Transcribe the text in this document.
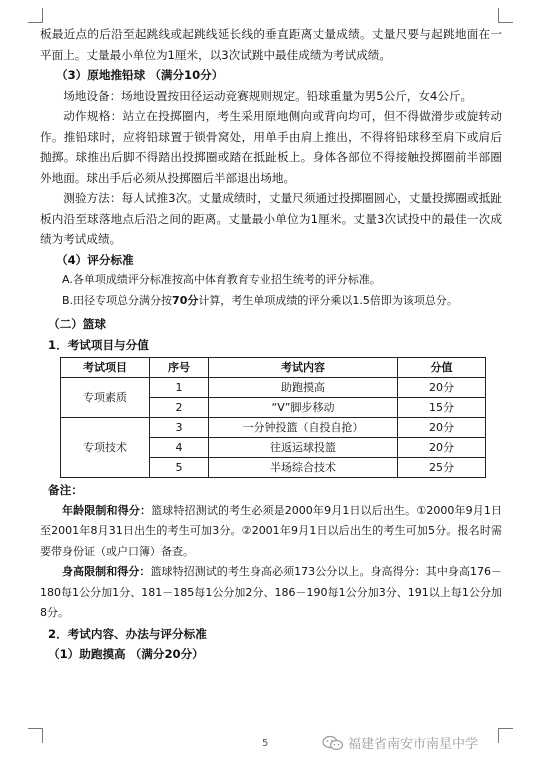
板最近点的后沿至起跳线或起跳线延长线的垂直距离丈量成绩。丈量尺要与起跳地面在一平面上。丈量最小单位为1厘米，以3次试跳中最佳成绩为考试成绩。

（3）原地推铅球 （满分10分）

场地设备：场地设置按田径运动竞赛规则规定。铅球重量为男5公斤，女4公斤。

动作规格：站立在投掷圈内，考生采用原地侧向或背向均可，但不得做滑步或旋转动作。推铅球时，应将铅球置于锁骨窝处，用单手由肩上推出，不得将铅球移至肩下或肩后抛掷。球推出后脚不得踏出投掷圈或踏在抵趾板上。身体各部位不得接触投掷圈前半部圈外地面。球出手后必须从投掷圈后半部退出场地。

测验方法：每人试推3次。丈量成绩时，丈量尺须通过投掷圈圆心，丈量投掷圈或抵趾板内沿至球落地点后沿之间的距离。丈量最小单位为1厘米。丈量3次试投中的最佳一次成绩为考试成绩。

（4）评分标准

A.各单项成绩评分标准按高中体育教育专业招生统考的评分标准。

B.田径专项总分满分按70分计算，考生单项成绩的评分乘以1.5倍即为该项总分。

（二）篮球

1．考试项目与分值

考试项目	序号	考试内容	分值
专项素质	1	助跑摸高	20分
	2	“V”脚步移动	15分
专项技术	3	一分钟投篮（自投自抢）	20分
	4	往返运球投篮	20分
	5	半场综合技术	25分

备注：

年龄限制和得分：篮球特招测试的考生必须是2000年9月1日以后出生。①2000年9月1日至2001年8月31日出生的考生可加3分。②2001年9月1日以后出生的考生可加5分。报名时需要带身份证（或户口簿）备查。

身高限制和得分：篮球特招测试的考生身高必须173公分以上。身高得分：其中身高176－180每1公分加1分、181－185每1公分加2分、186－190每1公分加3分、191以上每1公分加8分。

2．考试内容、办法与评分标准

（1）助跑摸高 （满分20分）

5	福建省南安市南星中学
